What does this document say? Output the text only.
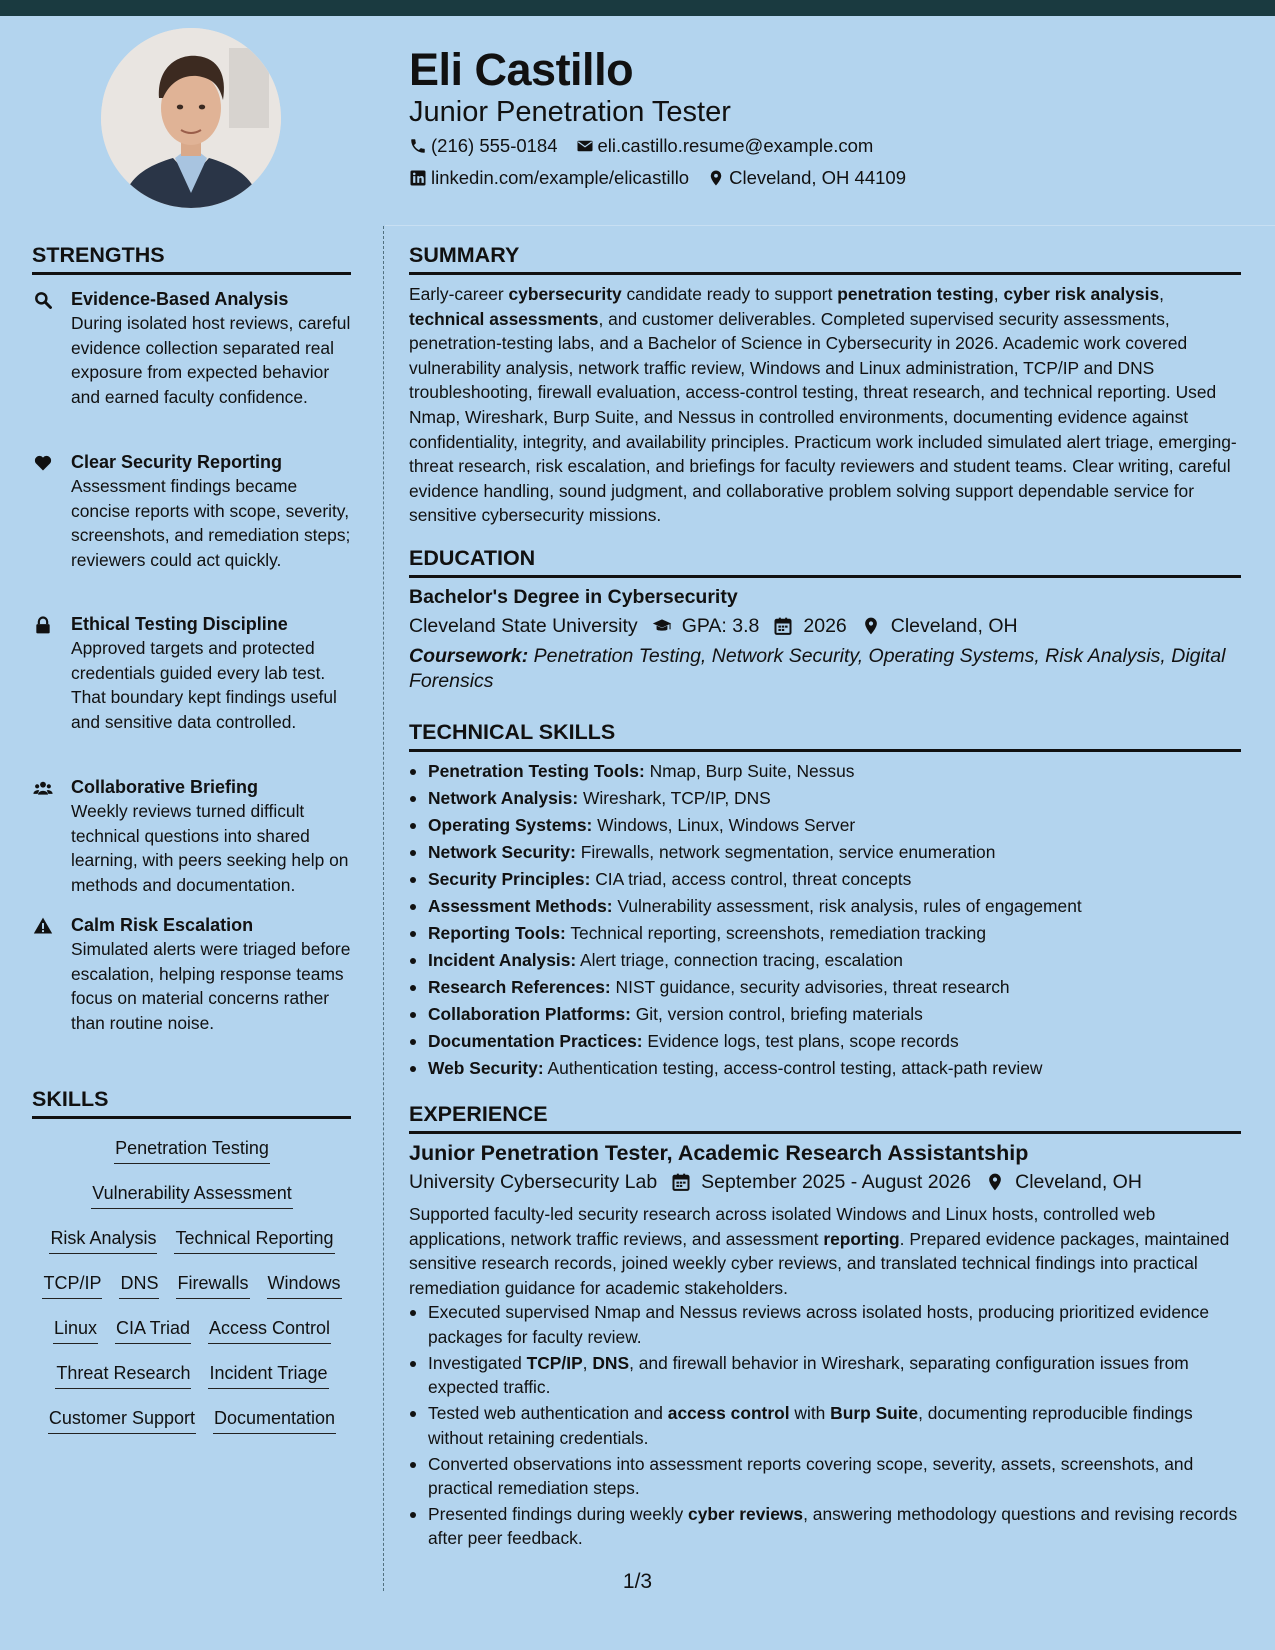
Eli Castillo
Junior Penetration Tester
(216) 555-0184 eli.castillo.resume@example.com
linkedin.com/example/elicastillo Cleveland, OH 44109
STRENGTHS
Evidence-Based Analysis
During isolated host reviews, careful evidence collection separated real exposure from expected behavior and earned faculty confidence.
Clear Security Reporting
Assessment findings became concise reports with scope, severity, screenshots, and remediation steps; reviewers could act quickly.
Ethical Testing Discipline
Approved targets and protected credentials guided every lab test. That boundary kept findings useful and sensitive data controlled.
Collaborative Briefing
Weekly reviews turned difficult technical questions into shared learning, with peers seeking help on methods and documentation.
Calm Risk Escalation
Simulated alerts were triaged before escalation, helping response teams focus on material concerns rather than routine noise.
SKILLS
Penetration Testing
Vulnerability Assessment
Risk Analysis Technical Reporting
TCP/IP DNS Firewalls Windows
Linux CIA Triad Access Control
Threat Research Incident Triage
Customer Support Documentation
SUMMARY
Early-career cybersecurity candidate ready to support penetration testing, cyber risk analysis, technical assessments, and customer deliverables. Completed supervised security assessments, penetration-testing labs, and a Bachelor of Science in Cybersecurity in 2026. Academic work covered vulnerability analysis, network traffic review, Windows and Linux administration, TCP/IP and DNS troubleshooting, firewall evaluation, access-control testing, threat research, and technical reporting. Used Nmap, Wireshark, Burp Suite, and Nessus in controlled environments, documenting evidence against confidentiality, integrity, and availability principles. Practicum work included simulated alert triage, emerging-threat research, risk escalation, and briefings for faculty reviewers and student teams. Clear writing, careful evidence handling, sound judgment, and collaborative problem solving support dependable service for sensitive cybersecurity missions.
EDUCATION
Bachelor's Degree in Cybersecurity
Cleveland State University GPA: 3.8 2026 Cleveland, OH
Coursework: Penetration Testing, Network Security, Operating Systems, Risk Analysis, Digital Forensics
TECHNICAL SKILLS
Penetration Testing Tools: Nmap, Burp Suite, Nessus
Network Analysis: Wireshark, TCP/IP, DNS
Operating Systems: Windows, Linux, Windows Server
Network Security: Firewalls, network segmentation, service enumeration
Security Principles: CIA triad, access control, threat concepts
Assessment Methods: Vulnerability assessment, risk analysis, rules of engagement
Reporting Tools: Technical reporting, screenshots, remediation tracking
Incident Analysis: Alert triage, connection tracing, escalation
Research References: NIST guidance, security advisories, threat research
Collaboration Platforms: Git, version control, briefing materials
Documentation Practices: Evidence logs, test plans, scope records
Web Security: Authentication testing, access-control testing, attack-path review
EXPERIENCE
Junior Penetration Tester, Academic Research Assistantship
University Cybersecurity Lab September 2025 - August 2026 Cleveland, OH
Supported faculty-led security research across isolated Windows and Linux hosts, controlled web applications, network traffic reviews, and assessment reporting. Prepared evidence packages, maintained sensitive research records, joined weekly cyber reviews, and translated technical findings into practical remediation guidance for academic stakeholders.
Executed supervised Nmap and Nessus reviews across isolated hosts, producing prioritized evidence packages for faculty review.
Investigated TCP/IP, DNS, and firewall behavior in Wireshark, separating configuration issues from expected traffic.
Tested web authentication and access control with Burp Suite, documenting reproducible findings without retaining credentials.
Converted observations into assessment reports covering scope, severity, assets, screenshots, and practical remediation steps.
Presented findings during weekly cyber reviews, answering methodology questions and revising records after peer feedback.
1/3
